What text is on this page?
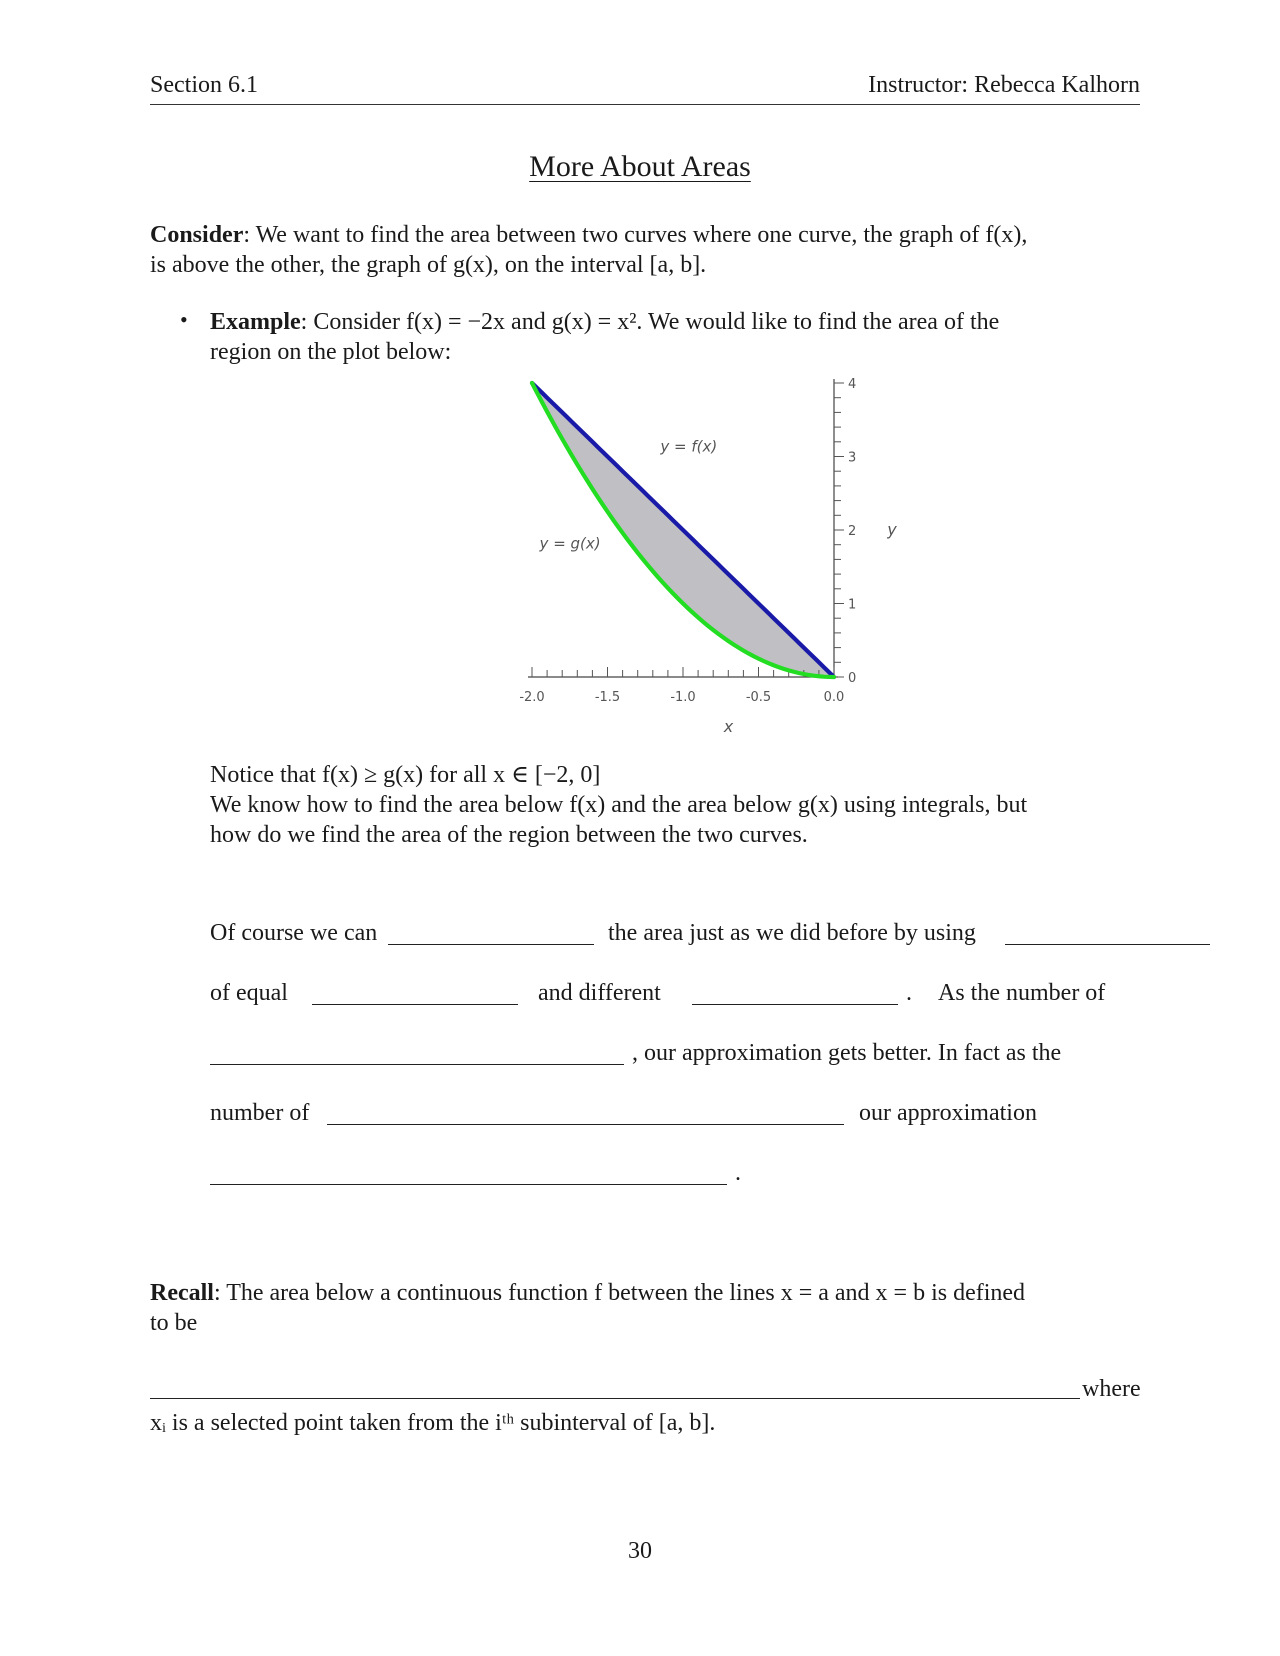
Section 6.1	Instructor: Rebecca Kalhorn
More About Areas
Consider: We want to find the area between two curves where one curve, the graph of f(x),
is above the other, the graph of g(x), on the interval [a, b].
• Example: Consider f(x) = −2x and g(x) = x². We would like to find the area of the
region on the plot below:
-2.0	-1.5	-1.0	-0.5	0.0
0
1
2
3
4
x
y
y = f(x)
y = g(x)
Notice that f(x) ≥ g(x) for all x ∈ [−2, 0]
We know how to find the area below f(x) and the area below g(x) using integrals, but
how do we find the area of the region between the two curves.
Of course we can	the area just as we did before by using
of equal	and different	. As the number of
, our approximation gets better. In fact as the
number of	our approximation
.
Recall: The area below a continuous function f between the lines x = a and x = b is defined
to be
where
xᵢ is a selected point taken from the iᵗʰ subinterval of [a, b].
30
